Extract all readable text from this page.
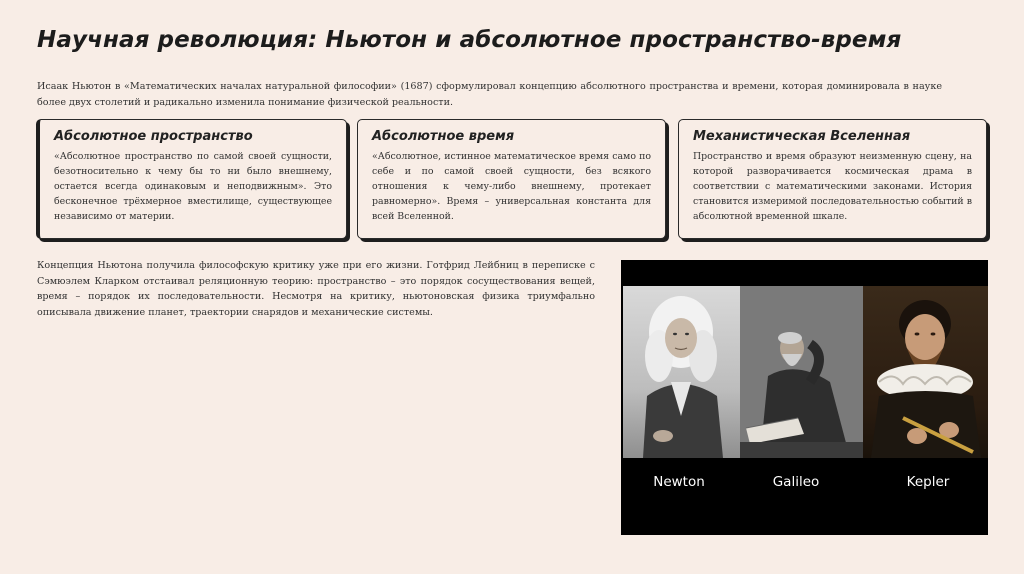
Научная революция: Ньютон и абсолютное пространство-время
Исаак Ньютон в «Математических началах натуральной философии» (1687) сформулировал концепцию абсолютного пространства и времени, которая доминировала в науке более двух столетий и радикально изменила понимание физической реальности.
Абсолютное пространство

«Абсолютное пространство по самой своей сущности, безотносительно к чему бы то ни было внешнему, остается всегда одинаковым и неподвижным». Это бесконечное трёхмерное вместилище, существующее независимо от материи.

Абсолютное время

«Абсолютное, истинное математическое время само по себе и по самой своей сущности, без всякого отношения к чему-либо внешнему, протекает равномерно». Время – универсальная константа для всей Вселенной.

Механистическая Вселенная

Пространство и время образуют неизменную сцену, на которой разворачивается космическая драма в соответствии с математическими законами. История становится измеримой последовательностью событий в абсолютной временной шкале.

Концепция Ньютона получила философскую критику уже при его жизни. Готфрид Лейбниц в переписке с Сэмюэлем Кларком отстаивал реляционную теорию: пространство – это порядок сосуществования вещей, время – порядок их последовательности. Несмотря на критику, ньютоновская физика триумфально описывала движение планет, траектории снарядов и механические системы.
Newton	Galileo	Kepler
